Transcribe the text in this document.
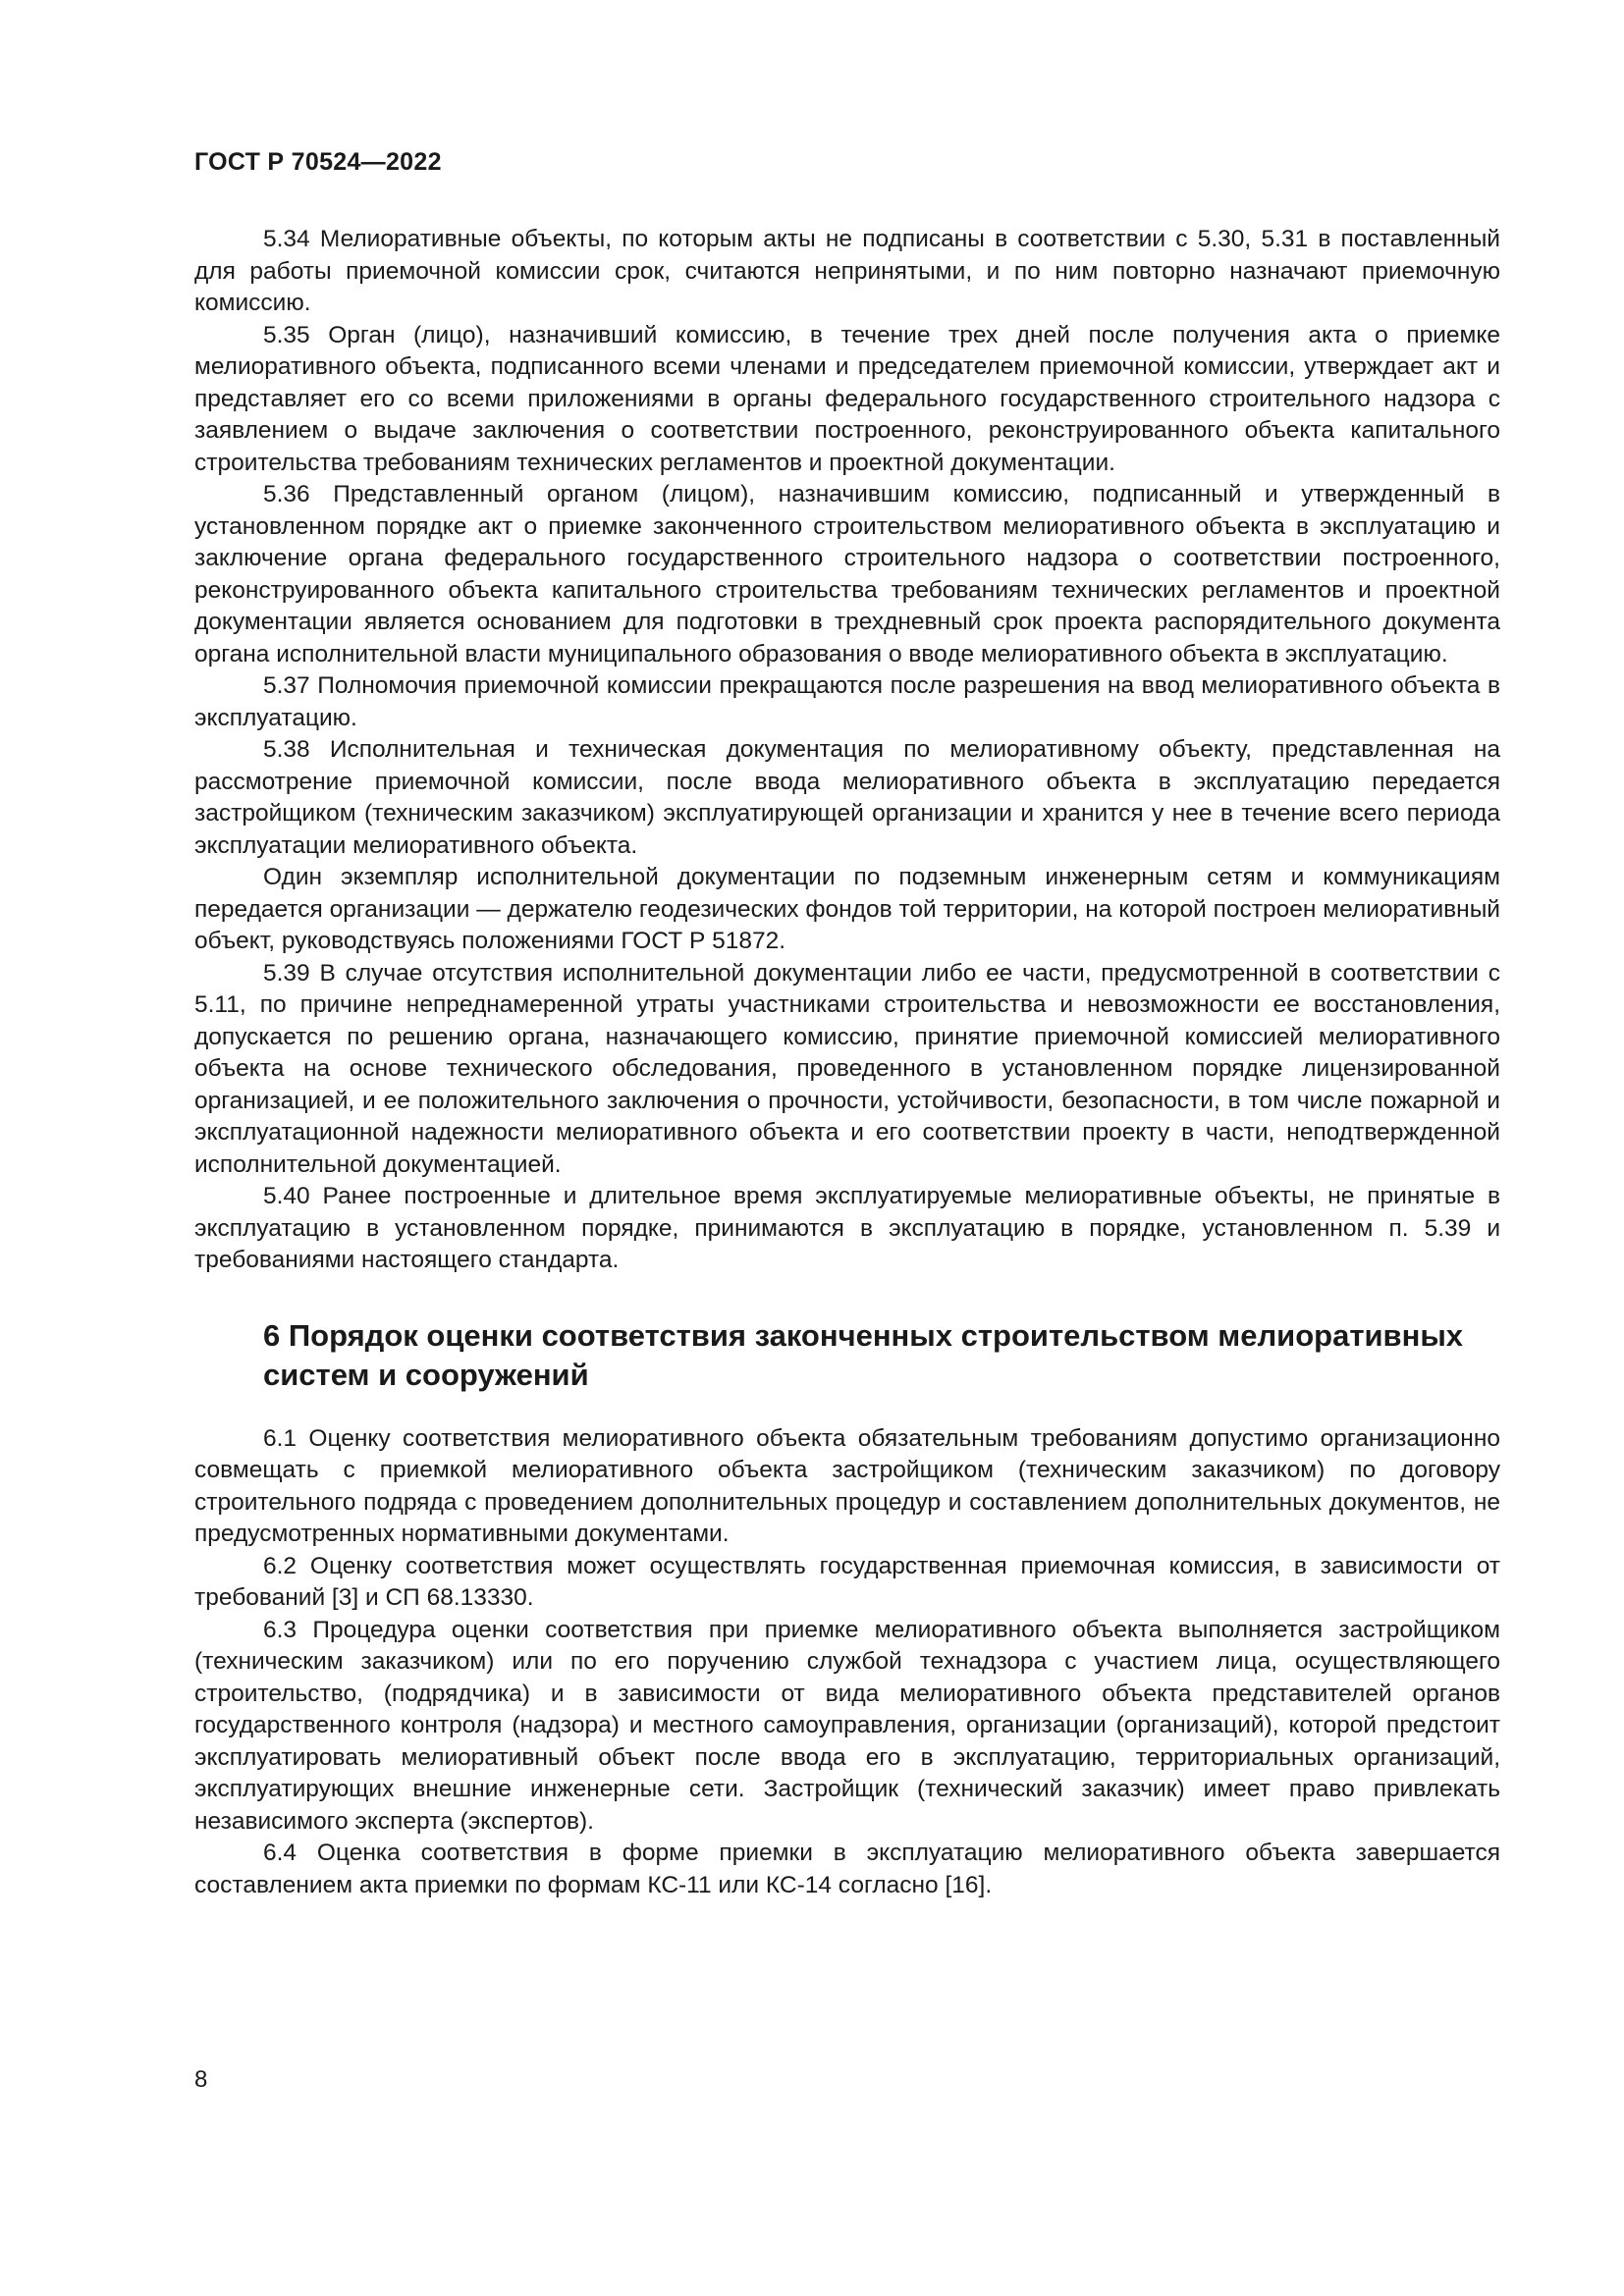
ГОСТ Р 70524—2022

5.34 Мелиоративные объекты, по которым акты не подписаны в соответствии с 5.30, 5.31 в поставленный для работы приемочной комиссии срок, считаются непринятыми, и по ним повторно назначают приемочную комиссию.

5.35 Орган (лицо), назначивший комиссию, в течение трех дней после получения акта о приемке мелиоративного объекта, подписанного всеми членами и председателем приемочной комиссии, утверждает акт и представляет его со всеми приложениями в органы федерального государственного строительного надзора с заявлением о выдаче заключения о соответствии построенного, реконструированного объекта капитального строительства требованиям технических регламентов и проектной документации.

5.36 Представленный органом (лицом), назначившим комиссию, подписанный и утвержденный в установленном порядке акт о приемке законченного строительством мелиоративного объекта в эксплуатацию и заключение органа федерального государственного строительного надзора о соответствии построенного, реконструированного объекта капитального строительства требованиям технических регламентов и проектной документации является основанием для подготовки в трехдневный срок проекта распорядительного документа органа исполнительной власти муниципального образования о вводе мелиоративного объекта в эксплуатацию.

5.37 Полномочия приемочной комиссии прекращаются после разрешения на ввод мелиоративного объекта в эксплуатацию.

5.38 Исполнительная и техническая документация по мелиоративному объекту, представленная на рассмотрение приемочной комиссии, после ввода мелиоративного объекта в эксплуатацию передается застройщиком (техническим заказчиком) эксплуатирующей организации и хранится у нее в течение всего периода эксплуатации мелиоративного объекта.

Один экземпляр исполнительной документации по подземным инженерным сетям и коммуникациям передается организации — держателю геодезических фондов той территории, на которой построен мелиоративный объект, руководствуясь положениями ГОСТ Р 51872.

5.39 В случае отсутствия исполнительной документации либо ее части, предусмотренной в соответствии с 5.11, по причине непреднамеренной утраты участниками строительства и невозможности ее восстановления, допускается по решению органа, назначающего комиссию, принятие приемочной комиссией мелиоративного объекта на основе технического обследования, проведенного в установленном порядке лицензированной организацией, и ее положительного заключения о прочности, устойчивости, безопасности, в том числе пожарной и эксплуатационной надежности мелиоративного объекта и его соответствии проекту в части, неподтвержденной исполнительной документацией.

5.40 Ранее построенные и длительное время эксплуатируемые мелиоративные объекты, не принятые в эксплуатацию в установленном порядке, принимаются в эксплуатацию в порядке, установленном п. 5.39 и требованиями настоящего стандарта.

6 Порядок оценки соответствия законченных строительством мелиоративных систем и сооружений

6.1 Оценку соответствия мелиоративного объекта обязательным требованиям допустимо организационно совмещать с приемкой мелиоративного объекта застройщиком (техническим заказчиком) по договору строительного подряда с проведением дополнительных процедур и составлением дополнительных документов, не предусмотренных нормативными документами.

6.2 Оценку соответствия может осуществлять государственная приемочная комиссия, в зависимости от требований [3] и СП 68.13330.

6.3 Процедура оценки соответствия при приемке мелиоративного объекта выполняется застройщиком (техническим заказчиком) или по его поручению службой технадзора с участием лица, осуществляющего строительство, (подрядчика) и в зависимости от вида мелиоративного объекта представителей органов государственного контроля (надзора) и местного самоуправления, организации (организаций), которой предстоит эксплуатировать мелиоративный объект после ввода его в эксплуатацию, территориальных организаций, эксплуатирующих внешние инженерные сети. Застройщик (технический заказчик) имеет право привлекать независимого эксперта (экспертов).

6.4 Оценка соответствия в форме приемки в эксплуатацию мелиоративного объекта завершается составлением акта приемки по формам КС-11 или КС-14 согласно [16].

8
